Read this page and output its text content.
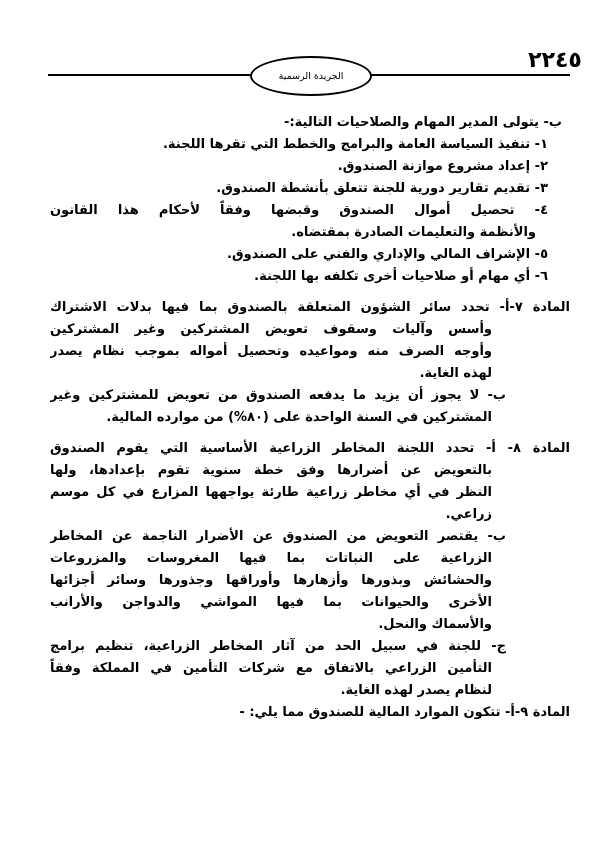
٢٢٤٥
الجريدة الرسمية
ب- يتولى المدير المهام والصلاحيات التالية:-
١- تنفيذ السياسة العامة والبرامج والخطط التي تقرها اللجنة.
٢- إعداد مشروع موازنة الصندوق.
٣- تقديم تقارير دورية للجنة تتعلق بأنشطة الصندوق.
٤- تحصيل أموال الصندوق وقبضها وفقاً لأحكام هذا القانون
والأنظمة والتعليمات الصادرة بمقتضاه.
٥- الإشراف المالي والإداري والفني على الصندوق.
٦- أي مهام أو صلاحيات أخرى تكلفه بها اللجنة.
المادة ٧-أ- تحدد سائر الشؤون المتعلقة بالصندوق بما فيها بدلات الاشتراك
وأسس وآليات وسقوف تعويض المشتركين وغير المشتركين
وأوجه الصرف منه ومواعيده وتحصيل أمواله بموجب نظام يصدر
لهذه الغاية.
ب- لا يجوز أن يزيد ما يدفعه الصندوق من تعويض للمشتركين وغير
المشتركين في السنة الواحدة على (٨٠%) من موارده المالية.
المادة ٨- أ- تحدد اللجنة المخاطر الزراعية الأساسية التي يقوم الصندوق
بالتعويض عن أضرارها وفق خطة سنوية تقوم بإعدادها، ولها
النظر في أي مخاطر زراعية طارئة يواجهها المزارع في كل موسم
زراعي.
ب- يقتصر التعويض من الصندوق عن الأضرار الناجمة عن المخاطر
الزراعية على النباتات بما فيها المغروسات والمزروعات
والحشائش وبذورها وأزهارها وأوراقها وجذورها وسائر أجزائها
الأخرى والحيوانات بما فيها المواشي والدواجن والأرانب
والأسماك والنحل.
ج- للجنة في سبيل الحد من آثار المخاطر الزراعية، تنظيم برامج
التأمين الزراعي بالاتفاق مع شركات التأمين في المملكة وفقاً
لنظام يصدر لهذه الغاية.
المادة ٩-أ- تتكون الموارد المالية للصندوق مما يلي: -
